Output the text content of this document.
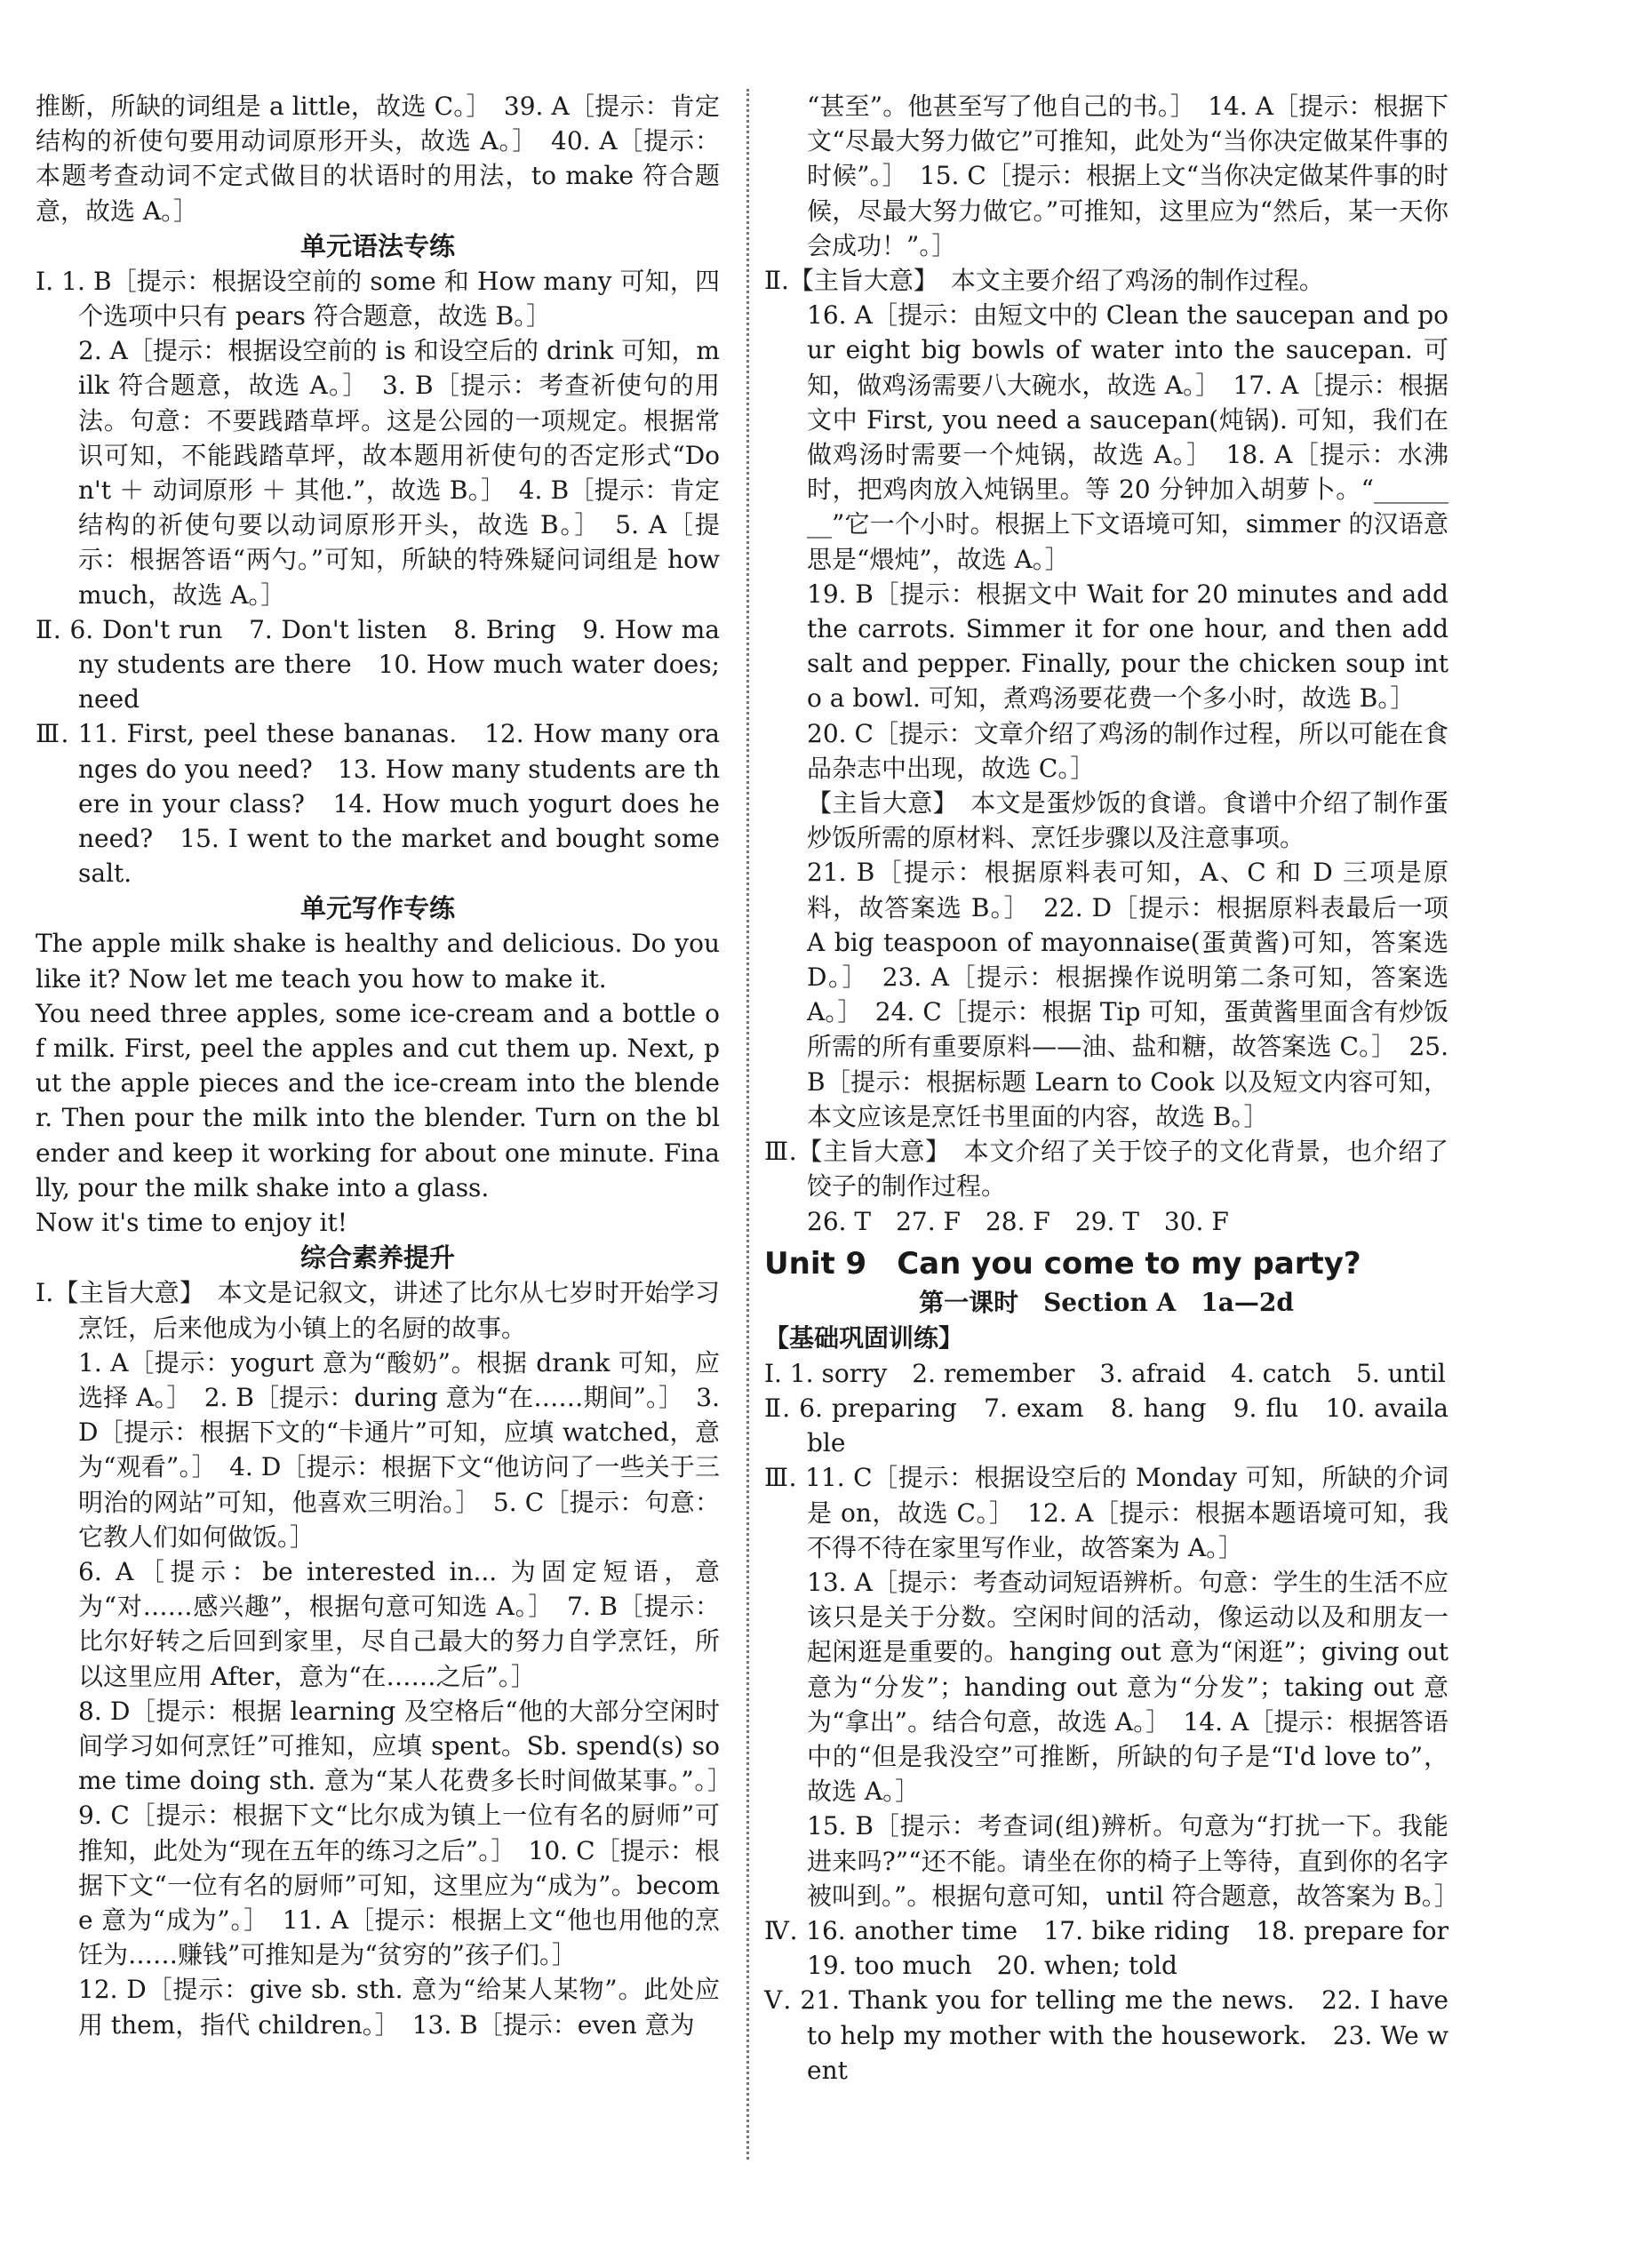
推断，所缺的词组是 a little，故选 C。］　39. A［提示：肯定结构的祈使句要用动词原形开头，故选 A。］　40. A［提示：本题考查动词不定式做目的状语时的用法，to make 符合题意，故选 A。］

单元语法专练

Ⅰ. 1. B［提示：根据设空前的 some 和 How many 可知，四个选项中只有 pears 符合题意，故选 B。］

2. A［提示：根据设空前的 is 和设空后的 drink 可知，milk 符合题意，故选 A。］　3. B［提示：考查祈使句的用法。句意：不要践踏草坪。这是公园的一项规定。根据常识可知，不能践踏草坪，故本题用祈使句的否定形式“Don't ＋ 动词原形 ＋ 其他.”，故选 B。］　4. B［提示：肯定结构的祈使句要以动词原形开头，故选 B。］　5. A［提示：根据答语“两勺。”可知，所缺的特殊疑问词组是 how much，故选 A。］

Ⅱ. 6. Don't run　7. Don't listen　8. Bring　9. How many students are there　10. How much water does; need

Ⅲ. 11. First, peel these bananas.　12. How many oranges do you need?　13. How many students are there in your class?　14. How much yogurt does he need?　15. I went to the market and bought some salt.

单元写作专练

The apple milk shake is healthy and delicious. Do you like it? Now let me teach you how to make it.

You need three apples, some ice-cream and a bottle of milk. First, peel the apples and cut them up. Next, put the apple pieces and the ice-cream into the blender. Then pour the milk into the blender. Turn on the blender and keep it working for about one minute. Finally, pour the milk shake into a glass.

Now it's time to enjoy it!

综合素养提升

Ⅰ.【主旨大意】　本文是记叙文，讲述了比尔从七岁时开始学习烹饪，后来他成为小镇上的名厨的故事。

1. A［提示：yogurt 意为“酸奶”。根据 drank 可知，应选择 A。］　2. B［提示：during 意为“在……期间”。］　3. D［提示：根据下文的“卡通片”可知，应填 watched，意为“观看”。］　4. D［提示：根据下文“他访问了一些关于三明治的网站”可知，他喜欢三明治。］　5. C［提示：句意：它教人们如何做饭。］

6. A［提示：be interested in... 为固定短语，意为“对……感兴趣”，根据句意可知选 A。］　7. B［提示：比尔好转之后回到家里，尽自己最大的努力自学烹饪，所以这里应用 After，意为“在……之后”。］

8. D［提示：根据 learning 及空格后“他的大部分空闲时间学习如何烹饪”可推知，应填 spent。Sb. spend(s) some time doing sth. 意为“某人花费多长时间做某事。”。］　9. C［提示：根据下文“比尔成为镇上一位有名的厨师”可推知，此处为“现在五年的练习之后”。］　10. C［提示：根据下文“一位有名的厨师”可知，这里应为“成为”。become 意为“成为”。］　11. A［提示：根据上文“他也用他的烹饪为……赚钱”可推知是为“贫穷的”孩子们。］

12. D［提示：give sb. sth. 意为“给某人某物”。此处应用 them，指代 children。］　13. B［提示：even 意为

“甚至”。他甚至写了他自己的书。］　14. A［提示：根据下文“尽最大努力做它”可推知，此处为“当你决定做某件事的时候”。］　15. C［提示：根据上文“当你决定做某件事的时候，尽最大努力做它。”可推知，这里应为“然后，某一天你会成功！”。］

Ⅱ.【主旨大意】　本文主要介绍了鸡汤的制作过程。

16. A［提示：由短文中的 Clean the saucepan and pour eight big bowls of water into the saucepan. 可知，做鸡汤需要八大碗水，故选 A。］　17. A［提示：根据文中 First, you need a saucepan(炖锅). 可知，我们在做鸡汤时需要一个炖锅，故选 A。］　18. A［提示：水沸时，把鸡肉放入炖锅里。等 20 分钟加入胡萝卜。“________”它一个小时。根据上下文语境可知，simmer 的汉语意思是“煨炖”，故选 A。］

19. B［提示：根据文中 Wait for 20 minutes and add the carrots. Simmer it for one hour, and then add salt and pepper. Finally, pour the chicken soup into a bowl. 可知，煮鸡汤要花费一个多小时，故选 B。］

20. C［提示：文章介绍了鸡汤的制作过程，所以可能在食品杂志中出现，故选 C。］

【主旨大意】　本文是蛋炒饭的食谱。食谱中介绍了制作蛋炒饭所需的原材料、烹饪步骤以及注意事项。

21. B［提示：根据原料表可知，A、C 和 D 三项是原料，故答案选 B。］　22. D［提示：根据原料表最后一项 A big teaspoon of mayonnaise(蛋黄酱)可知，答案选 D。］　23. A［提示：根据操作说明第二条可知，答案选 A。］　24. C［提示：根据 Tip 可知，蛋黄酱里面含有炒饭所需的所有重要原料——油、盐和糖，故答案选 C。］　25. B［提示：根据标题 Learn to Cook 以及短文内容可知，本文应该是烹饪书里面的内容，故选 B。］

Ⅲ.【主旨大意】　本文介绍了关于饺子的文化背景，也介绍了饺子的制作过程。

26. T　27. F　28. F　29. T　30. F

Unit 9　Can you come to my party?

第一课时　Section A　1a—2d

【基础巩固训练】

Ⅰ. 1. sorry　2. remember　3. afraid　4. catch　5. until

Ⅱ. 6. preparing　7. exam　8. hang　9. flu　10. available

Ⅲ. 11. C［提示：根据设空后的 Monday 可知，所缺的介词是 on，故选 C。］　12. A［提示：根据本题语境可知，我不得不待在家里写作业，故答案为 A。］

13. A［提示：考查动词短语辨析。句意：学生的生活不应该只是关于分数。空闲时间的活动，像运动以及和朋友一起闲逛是重要的。hanging out 意为“闲逛”；giving out 意为“分发”；handing out 意为“分发”；taking out 意为“拿出”。结合句意，故选 A。］　14. A［提示：根据答语中的“但是我没空”可推断，所缺的句子是“I'd love to”，故选 A。］

15. B［提示：考查词(组)辨析。句意为“打扰一下。我能进来吗?”“还不能。请坐在你的椅子上等待，直到你的名字被叫到。”。根据句意可知，until 符合题意，故答案为 B。］

Ⅳ. 16. another time　17. bike riding　18. prepare for　19. too much　20. when; told

Ⅴ. 21. Thank you for telling me the news.　22. I have to help my mother with the housework.　23. We went
